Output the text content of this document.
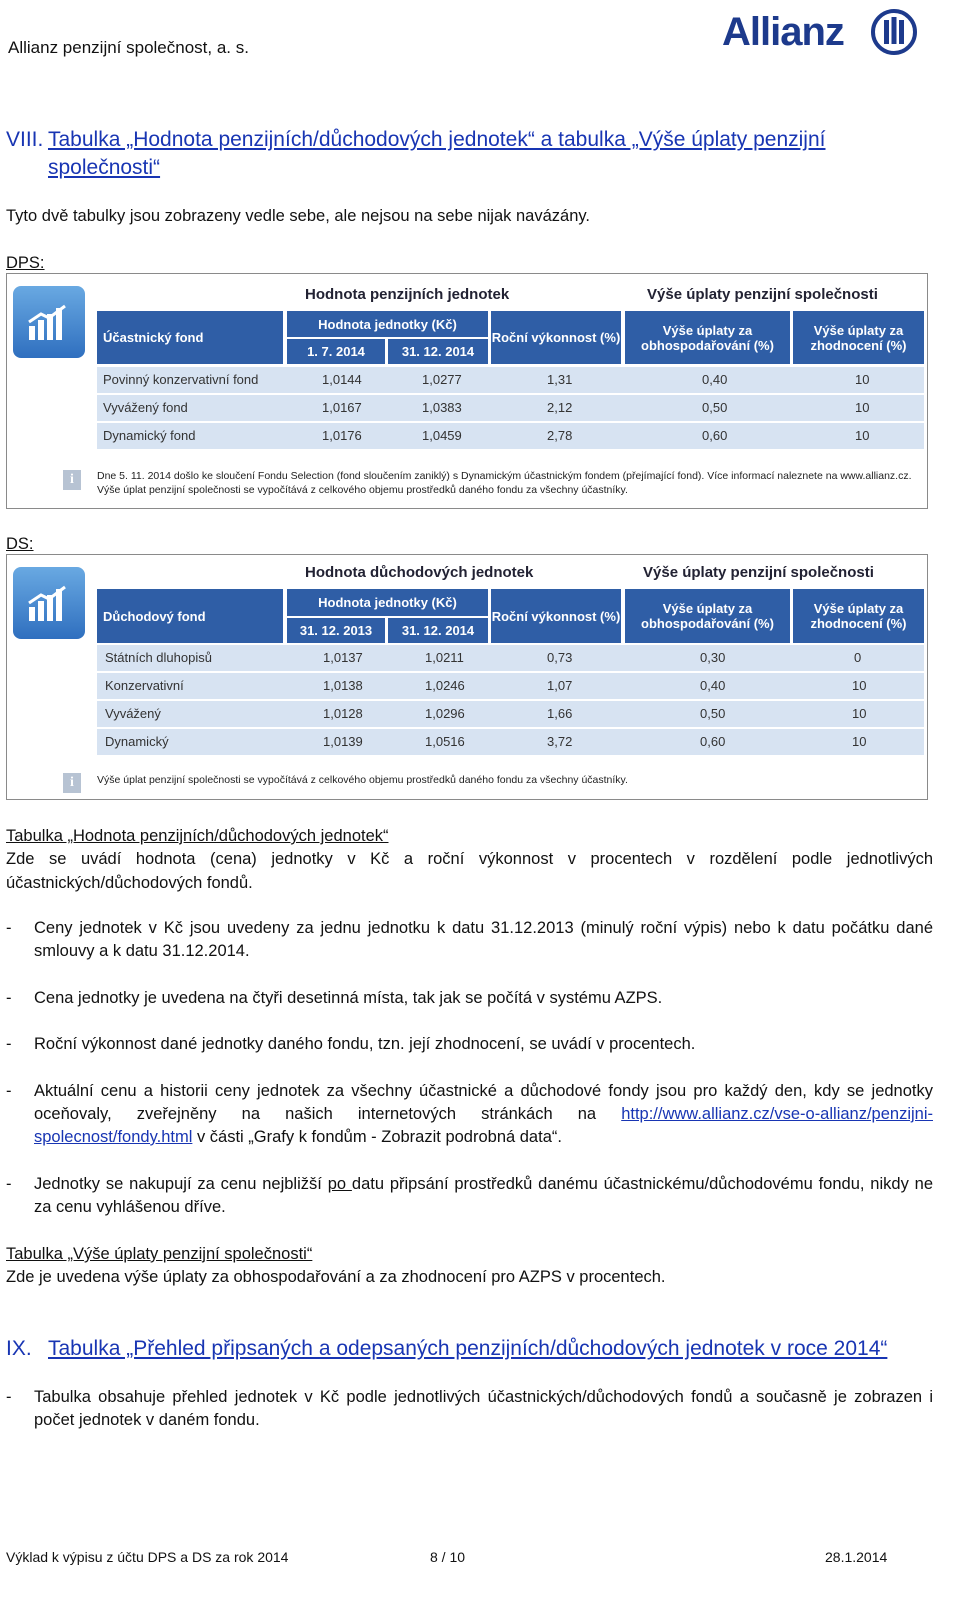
Allianz penzijní společnost, a. s.	Allianz
VIII. Tabulka „Hodnota penzijních/důchodových jednotek“ a tabulka „Výše úplaty penzijní
společnosti“
Tyto dvě tabulky jsou zobrazeny vedle sebe, ale nejsou na sebe nijak navázány.
DPS:
Hodnota penzijních jednotek	Výše úplaty penzijní společnosti
Účastnický fond
Hodnota jednotky (Kč)
1. 7. 2014	31. 12. 2014
Roční výkonnost (%)	Výše úplaty za obhospodařování (%)
Výše úplaty za zhodnocení (%)
Povinný konzervativní fond	1,0144	1,0277	1,31	0,40	10
Vyvážený fond	1,0167	1,0383	2,12	0,50	10
Dynamický fond	1,0176	1,0459	2,78	0,60	10
i	Dne 5. 11. 2014 došlo ke sloučení Fondu Selection (fond sloučením zaniklý) s Dynamickým účastnickým fondem (přejímající fond). Více informací naleznete na www.allianz.cz.
Výše úplat penzijní společnosti se vypočítává z celkového objemu prostředků daného fondu za všechny účastníky.
DS:
Hodnota důchodových jednotek	Výše úplaty penzijní společnosti
Důchodový fond
Hodnota jednotky (Kč)
31. 12. 2013	31. 12. 2014
Roční výkonnost (%)	Výše úplaty za obhospodařování (%)
Výše úplaty za zhodnocení (%)
Státních dluhopisů	1,0137	1,0211	0,73	0,30	0
Konzervativní	1,0138	1,0246	1,07	0,40	10
Vyvážený	1,0128	1,0296	1,66	0,50	10
Dynamický	1,0139	1,0516	3,72	0,60	10
i	Výše úplat penzijní společnosti se vypočítává z celkového objemu prostředků daného fondu za všechny účastníky.
Tabulka „Hodnota penzijních/důchodových jednotek“
Zde se uvádí hodnota (cena) jednotky v Kč a roční výkonnost v procentech v rozdělení podle jednotlivých účastnických/důchodových fondů.
- Ceny jednotek v Kč jsou uvedeny za jednu jednotku k datu 31.12.2013 (minulý roční výpis) nebo k datu počátku dané smlouvy a k datu 31.12.2014.
- Cena jednotky je uvedena na čtyři desetinná místa, tak jak se počítá v systému AZPS.
- Roční výkonnost dané jednotky daného fondu, tzn. její zhodnocení, se uvádí v procentech.
- Aktuální cenu a historii ceny jednotek za všechny účastnické a důchodové fondy jsou pro každý den, kdy se jednotky oceňovaly, zveřejněny na našich internetových stránkách na http://www.allianz.cz/vse-o-allianz/penzijni-spolecnost/fondy.html v části „Grafy k fondům - Zobrazit podrobná data“.
- Jednotky se nakupují za cenu nejbližší po datu připsání prostředků danému účastnickému/důchodovému fondu, nikdy ne za cenu vyhlášenou dříve.
Tabulka „Výše úplaty penzijní společnosti“
Zde je uvedena výše úplaty za obhospodařování a za zhodnocení pro AZPS v procentech.
IX. Tabulka „Přehled připsaných a odepsaných penzijních/důchodových jednotek v roce 2014“
- Tabulka obsahuje přehled jednotek v Kč podle jednotlivých účastnických/důchodových fondů a současně je zobrazen i počet jednotek v daném fondu.
Výklad k výpisu z účtu DPS a DS za rok 2014	8 / 10	28.1.2014
